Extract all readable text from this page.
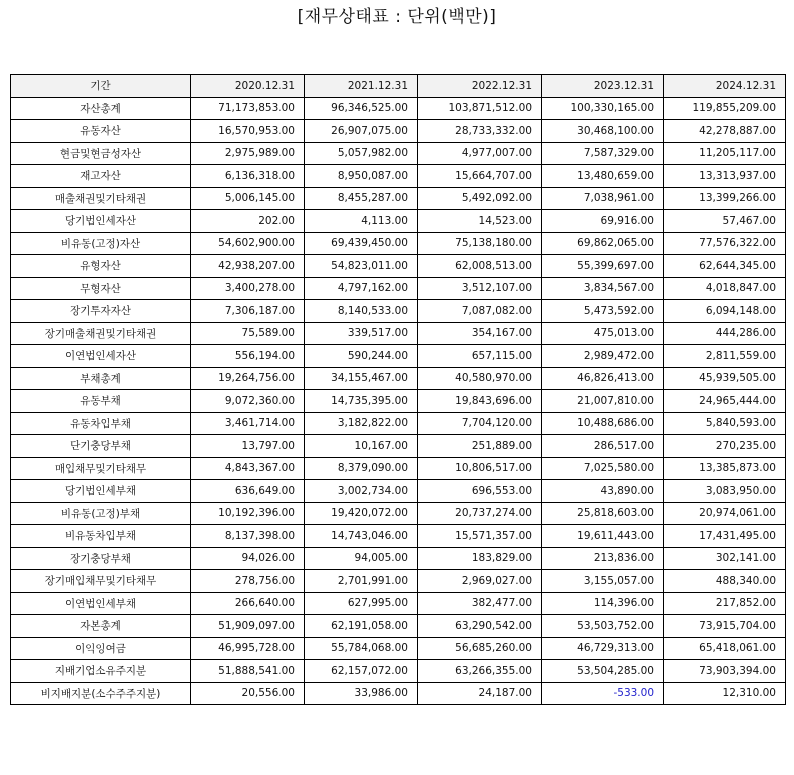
[재무상태표 : 단위(백만)]
기간	2020.12.31	2021.12.31	2022.12.31	2023.12.31	2024.12.31
자산총계	71,173,853.00	96,346,525.00	103,871,512.00	100,330,165.00	119,855,209.00
유동자산	16,570,953.00	26,907,075.00	28,733,332.00	30,468,100.00	42,278,887.00
현금및현금성자산	2,975,989.00	5,057,982.00	4,977,007.00	7,587,329.00	11,205,117.00
재고자산	6,136,318.00	8,950,087.00	15,664,707.00	13,480,659.00	13,313,937.00
매출채권및기타채권	5,006,145.00	8,455,287.00	5,492,092.00	7,038,961.00	13,399,266.00
당기법인세자산	202.00	4,113.00	14,523.00	69,916.00	57,467.00
비유동(고정)자산	54,602,900.00	69,439,450.00	75,138,180.00	69,862,065.00	77,576,322.00
유형자산	42,938,207.00	54,823,011.00	62,008,513.00	55,399,697.00	62,644,345.00
무형자산	3,400,278.00	4,797,162.00	3,512,107.00	3,834,567.00	4,018,847.00
장기투자자산	7,306,187.00	8,140,533.00	7,087,082.00	5,473,592.00	6,094,148.00
장기매출채권및기타채권	75,589.00	339,517.00	354,167.00	475,013.00	444,286.00
이연법인세자산	556,194.00	590,244.00	657,115.00	2,989,472.00	2,811,559.00
부채총계	19,264,756.00	34,155,467.00	40,580,970.00	46,826,413.00	45,939,505.00
유동부채	9,072,360.00	14,735,395.00	19,843,696.00	21,007,810.00	24,965,444.00
유동차입부채	3,461,714.00	3,182,822.00	7,704,120.00	10,488,686.00	5,840,593.00
단기충당부채	13,797.00	10,167.00	251,889.00	286,517.00	270,235.00
매입채무및기타채무	4,843,367.00	8,379,090.00	10,806,517.00	7,025,580.00	13,385,873.00
당기법인세부채	636,649.00	3,002,734.00	696,553.00	43,890.00	3,083,950.00
비유동(고정)부채	10,192,396.00	19,420,072.00	20,737,274.00	25,818,603.00	20,974,061.00
비유동차입부채	8,137,398.00	14,743,046.00	15,571,357.00	19,611,443.00	17,431,495.00
장기충당부채	94,026.00	94,005.00	183,829.00	213,836.00	302,141.00
장기매입채무및기타채무	278,756.00	2,701,991.00	2,969,027.00	3,155,057.00	488,340.00
이연법인세부채	266,640.00	627,995.00	382,477.00	114,396.00	217,852.00
자본총계	51,909,097.00	62,191,058.00	63,290,542.00	53,503,752.00	73,915,704.00
이익잉여금	46,995,728.00	55,784,068.00	56,685,260.00	46,729,313.00	65,418,061.00
지배기업소유주지분	51,888,541.00	62,157,072.00	63,266,355.00	53,504,285.00	73,903,394.00
비지배지분(소수주주지분)	20,556.00	33,986.00	24,187.00	-533.00	12,310.00
